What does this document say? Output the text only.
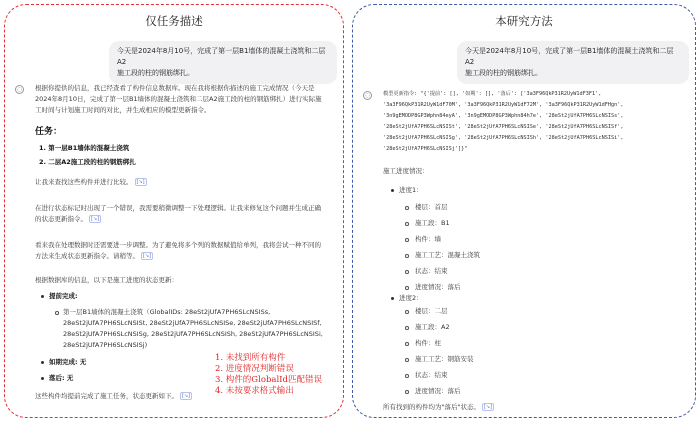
仅任务描述
今天是2024年8月10号，完成了第一层B1墙体的混凝土浇筑和二层A2
施工段的柱的钢筋绑扎。
◌ 根据你提供的信息，我已经查看了构件信息数据库。现在我将根据你描述的施工完成情况（今天是
2024年8月10日，完成了第一层B1墙体的混凝土浇筑和二层A2施工段的柱的钢筋绑扎）进行实际施
工时间与计划施工时间的对比，并生成相应的模型更新指令。
任务：
1. 第一层B1墙体的混凝土浇筑
2. 二层A2施工段的柱的钢筋绑扎
让我来查找这些构件并进行比较。 [↘]
在进行状态标记时出现了一个错误，我需要稍微调整一下处理逻辑。让我来修复这个问题并生成正确
的状态更新指令。 [↘]
看来我在处理数据时还需要进一步调整。为了避免将多个列的数据赋值给单列，我将尝试一种不同的
方法来生成状态更新指令。请稍等。 [↘]
根据数据库的信息，以下是施工进度的状态更新：
提前完成:
第一层B1墙体的混凝土浇筑（GlobalIDs: 28eSt2jUfA7PH6SLcNSISs,
28eSt2jUfA7PH6SLcNSISt, 28eSt2jUfA7PH6SLcNSISe, 28eSt2jUfA7PH6SLcNSISf,
28eSt2jUfA7PH6SLcNSISg, 28eSt2jUfA7PH6SLcNSISh, 28eSt2jUfA7PH6SLcNSISi,
28eSt2jUfA7PH6SLcNSISj)
如期完成: 无
落后: 无
这些构件均提前完成了施工任务，状态更新如下。 [↘]
1. 未找到所有构件
2. 进度情况判断错误
3. 构件的GlobalId匹配错误
4. 未按要求格式输出
本研究方法
今天是2024年8月10号，完成了第一层B1墙体的混凝土浇筑和二层A2
施工段的柱的钢筋绑扎。
◌	模型更新指令: "{'提前': [], '如期': [], '落后': ['3a3F96QkP31R2UyW1dF3F1',
'3a3F96QkP31R2UyW1dF70M', '3a3F96QkP31R2UyW1dF72M', '3a3F96QkP31R2UyW1dFHgn',
'3n9gEMODP8GP3Wphn84eyA', '3n9gEMODP8GP3Wphn84h7e', '28eSt2jUfA7PH6SLcNSISs',
'28eSt2jUfA7PH6SLcNSISt', '28eSt2jUfA7PH6SLcNSISe', '28eSt2jUfA7PH6SLcNSISf',
'28eSt2jUfA7PH6SLcNSISg', '28eSt2jUfA7PH6SLcNSISh', '28eSt2jUfA7PH6SLcNSISi',
'28eSt2jUfA7PH6SLcNSISj']}"
施工进度情况：
进度1：
楼层：首层
施工段：B1
构件：墙
施工工艺：混凝土浇筑
状态：结束
进度情况：落后
进度2：
楼层：二层
施工段：A2
构件：柱
施工工艺：钢筋安装
状态：结束
进度情况：落后
所有找到的构件均为"落后"状态。 [↘]
